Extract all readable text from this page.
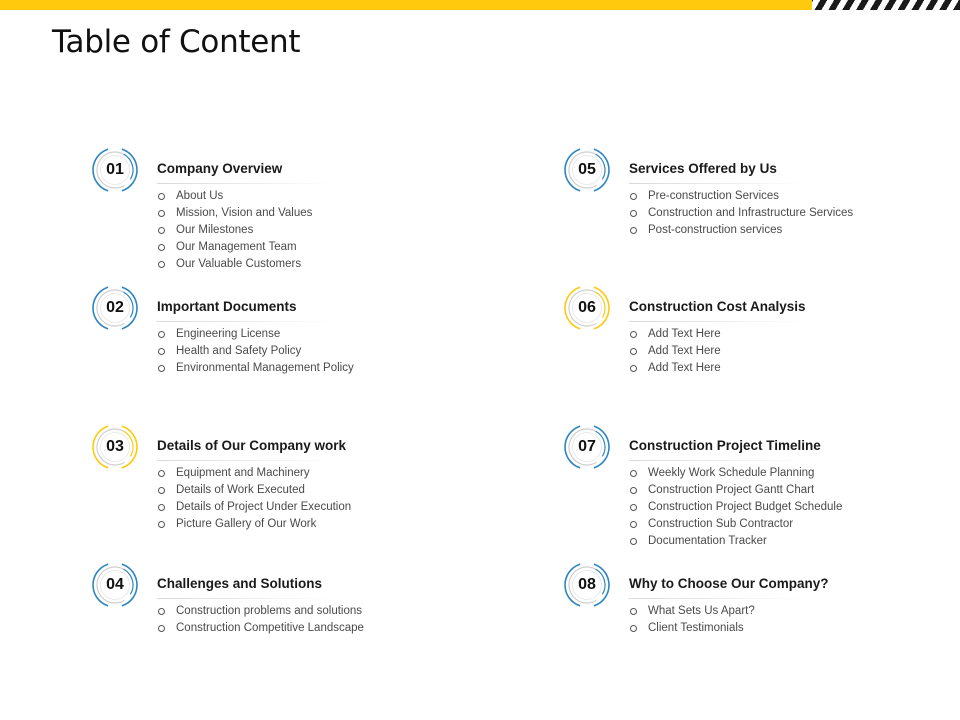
Table of Content
01	Company Overview
About Us
Mission, Vision and Values
Our Milestones
Our Management Team
Our Valuable Customers
02	Important Documents
Engineering License
Health and Safety Policy
Environmental Management Policy
03	Details of Our Company work
Equipment and Machinery
Details of Work Executed
Details of Project Under Execution
Picture Gallery of Our Work
04	Challenges and Solutions
Construction problems and solutions
Construction Competitive Landscape
05	Services Offered by Us
Pre-construction Services
Construction and Infrastructure Services
Post-construction services
06	Construction Cost Analysis
Add Text Here
Add Text Here
Add Text Here
07	Construction Project Timeline
Weekly Work Schedule Planning
Construction Project Gantt Chart
Construction Project Budget Schedule
Construction Sub Contractor
Documentation Tracker
08	Why to Choose Our Company?
What Sets Us Apart?
Client Testimonials
